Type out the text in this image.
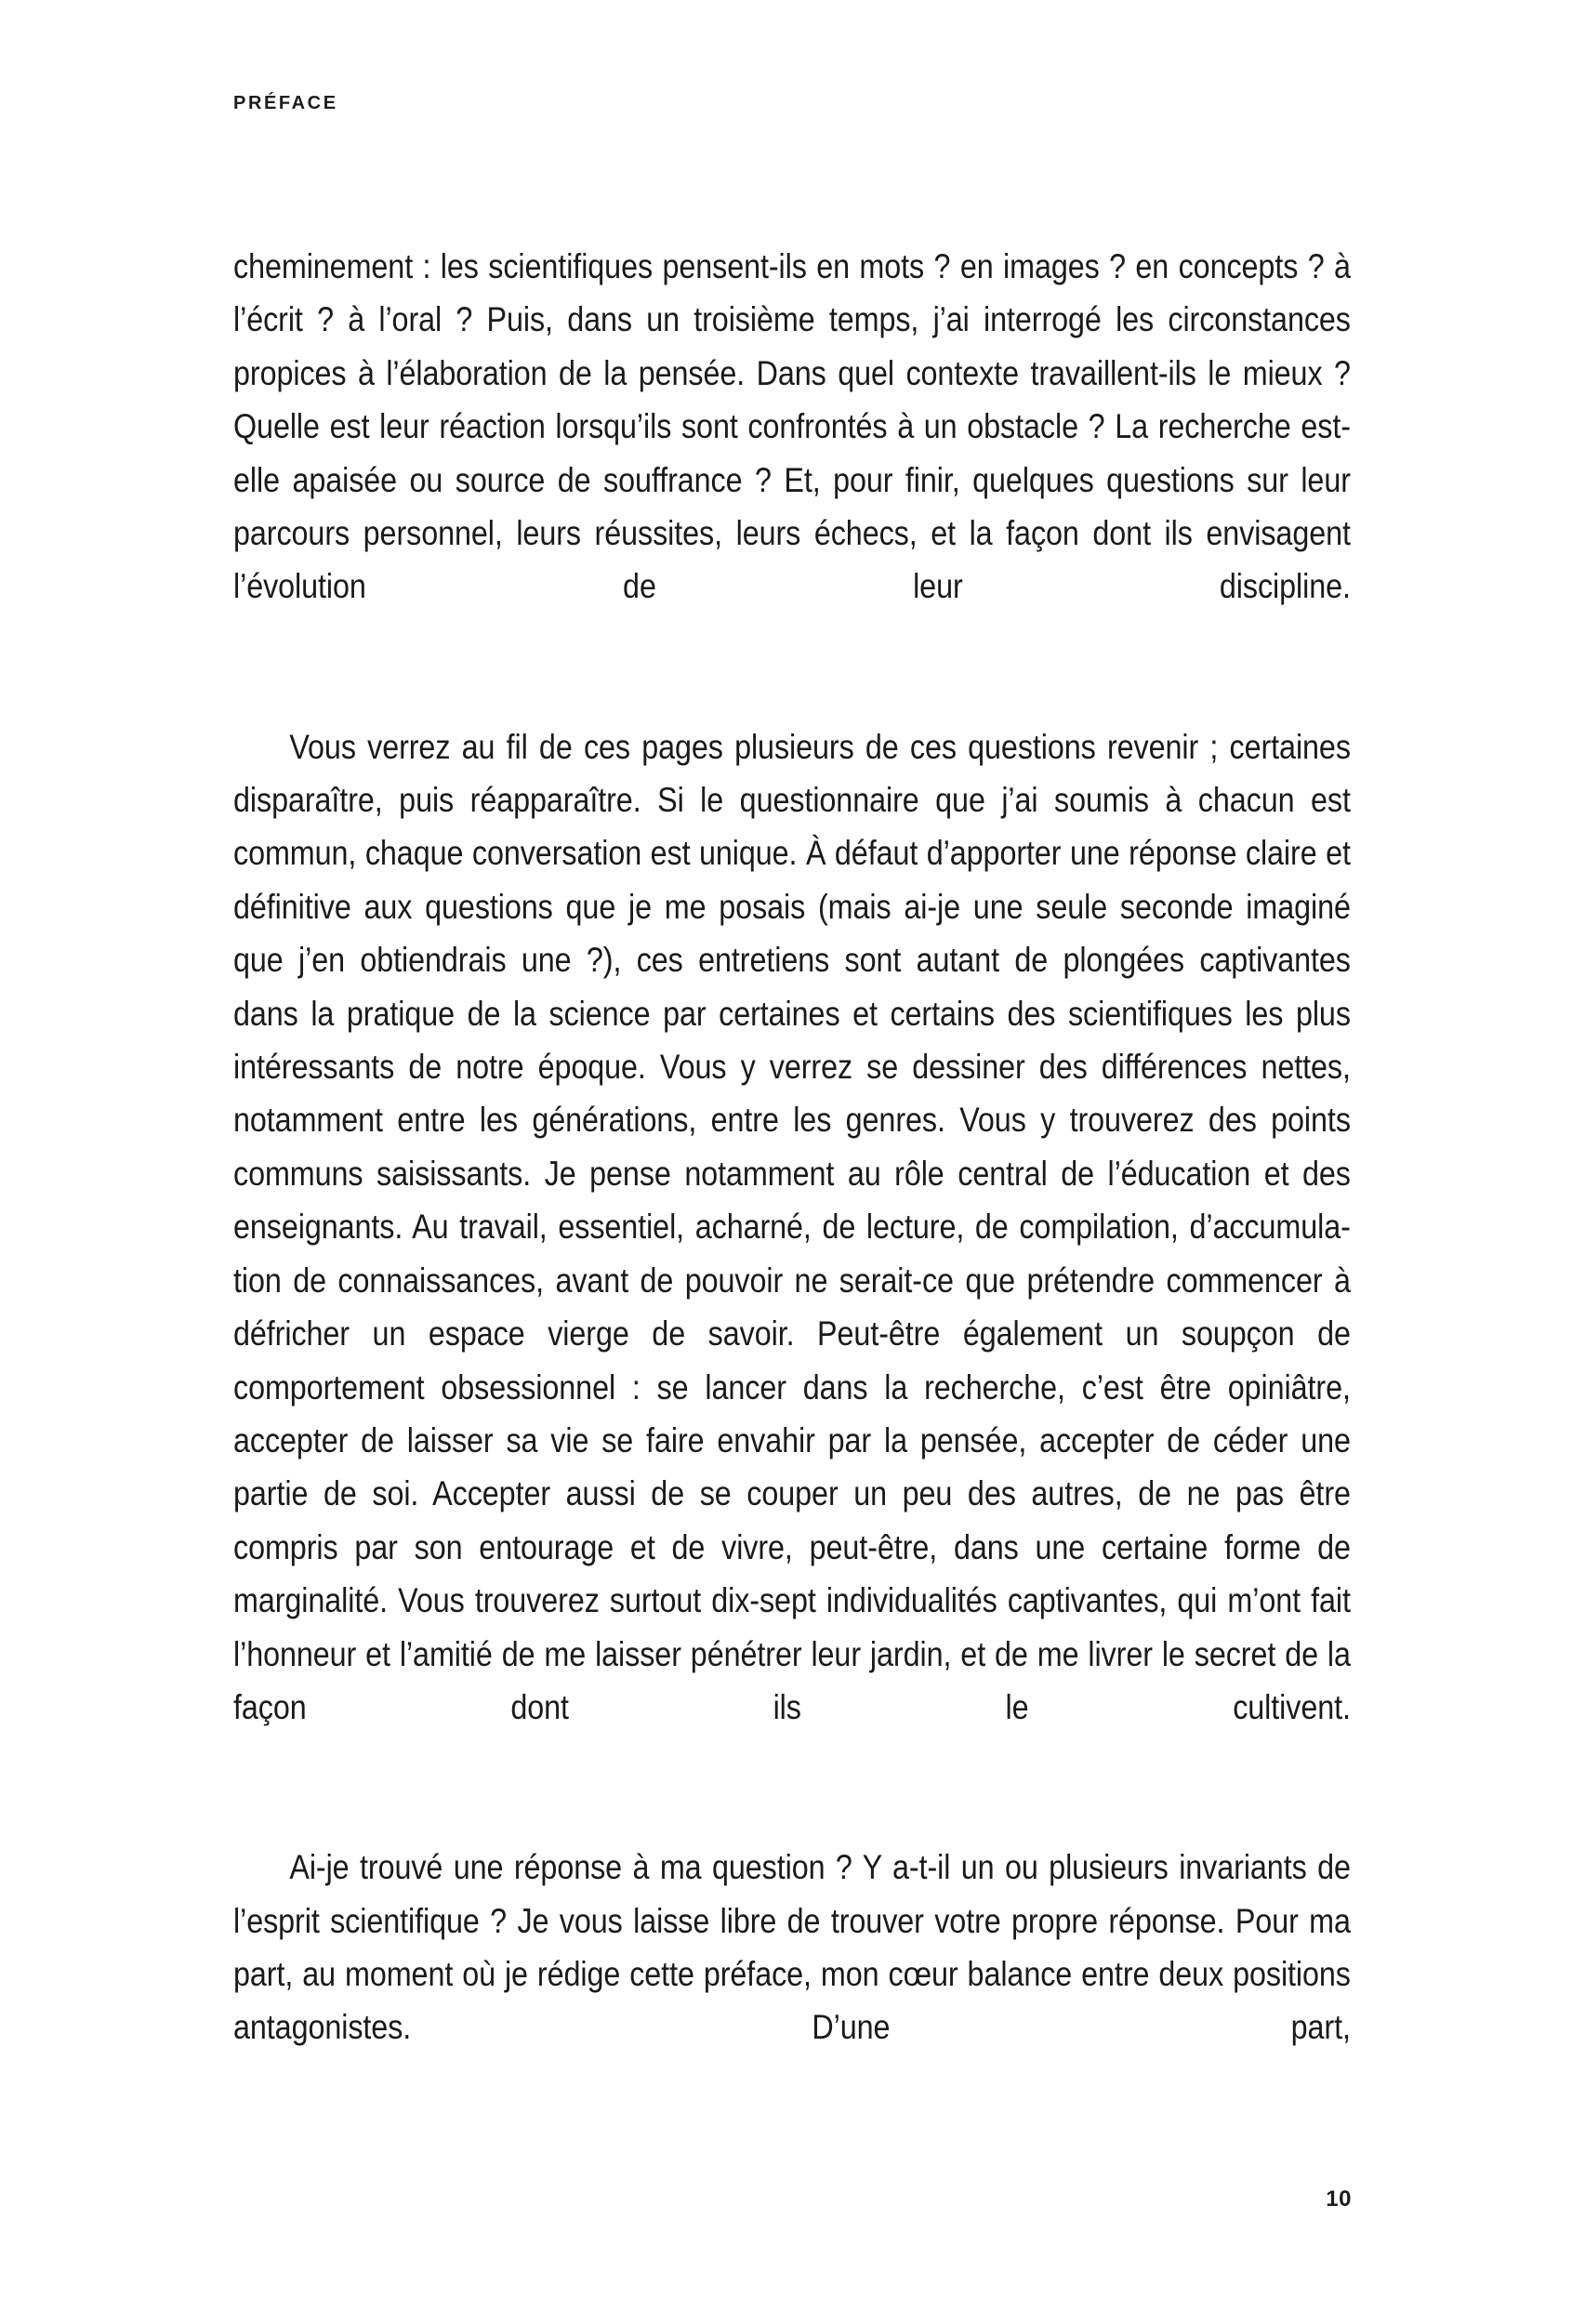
PRÉFACE

cheminement : les scientifiques pensent-ils en mots ? en images ? en concepts ? à l’écrit ? à l’oral ? Puis, dans un troisième temps, j’ai interrogé les circonstances propices à l’élaboration de la pensée. Dans quel contexte travaillent-ils le mieux ? Quelle est leur réaction lorsqu’ils sont confrontés à un obstacle ? La recherche est-elle apaisée ou source de souffrance ? Et, pour finir, quelques questions sur leur parcours personnel, leurs réussites, leurs échecs, et la façon dont ils envisagent l’évolution de leur discipline.

Vous verrez au fil de ces pages plusieurs de ces questions revenir ; certaines disparaître, puis réapparaître. Si le questionnaire que j’ai soumis à chacun est commun, chaque conversation est unique. À défaut d’apporter une réponse claire et définitive aux questions que je me posais (mais ai-je une seule seconde imaginé que j’en obtiendrais une ?), ces entretiens sont autant de plongées captivantes dans la pratique de la science par certaines et certains des scientifiques les plus intéressants de notre époque. Vous y verrez se dessiner des différences nettes, notamment entre les générations, entre les genres. Vous y trouverez des points communs saisissants. Je pense notamment au rôle central de l’éducation et des enseignants. Au travail, essentiel, acharné, de lecture, de compilation, d’accumulation de connaissances, avant de pouvoir ne serait-ce que prétendre commencer à défricher un espace vierge de savoir. Peut-être également un soupçon de comportement obsessionnel : se lancer dans la recherche, c’est être opiniâtre, accepter de laisser sa vie se faire envahir par la pensée, accepter de céder une partie de soi. Accepter aussi de se couper un peu des autres, de ne pas être compris par son entourage et de vivre, peut-être, dans une certaine forme de marginalité. Vous trouverez surtout dix-sept individualités captivantes, qui m’ont fait l’honneur et l’amitié de me laisser pénétrer leur jardin, et de me livrer le secret de la façon dont ils le cultivent.

Ai-je trouvé une réponse à ma question ? Y a-t-il un ou plusieurs invariants de l’esprit scientifique ? Je vous laisse libre de trouver votre propre réponse. Pour ma part, au moment où je rédige cette préface, mon cœur balance entre deux positions antagonistes. D’une part,

10
